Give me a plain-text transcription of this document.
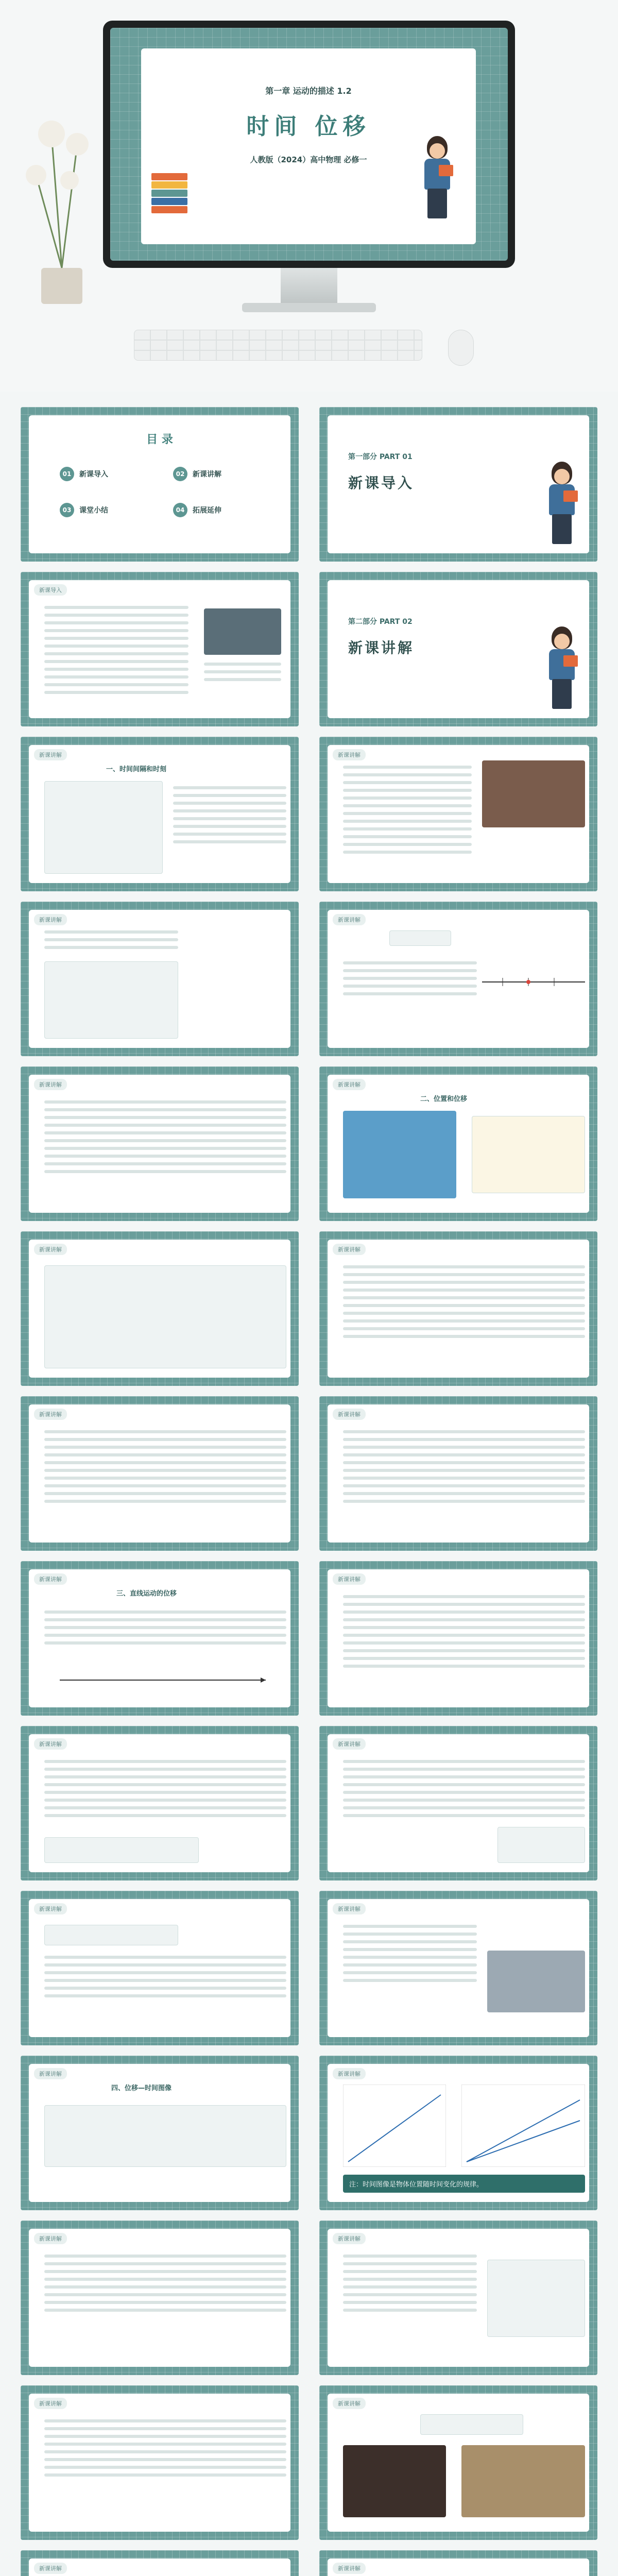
第一章 运动的描述 1.2
时间 位移
人教版（2024）高中物理 必修一
目 录
01	新课导入	02	新课讲解
03	课堂小结	04	拓展延伸
第一部分 PART 01
新课导入
新课导入
第二部分 PART 02
新课讲解
新课讲解
一、时间间隔和时刻
新课讲解
新课讲解	新课讲解
新课讲解	新课讲解
二、位置和位移
新课讲解	新课讲解
新课讲解	新课讲解
新课讲解
三、直线运动的位移
新课讲解
新课讲解	新课讲解
新课讲解	新课讲解
新课讲解
四、位移—时间图像
新课讲解
注：时间图像是物体位置随时间变化的规律。
新课讲解	新课讲解
新课讲解	新课讲解
新课讲解	新课讲解
